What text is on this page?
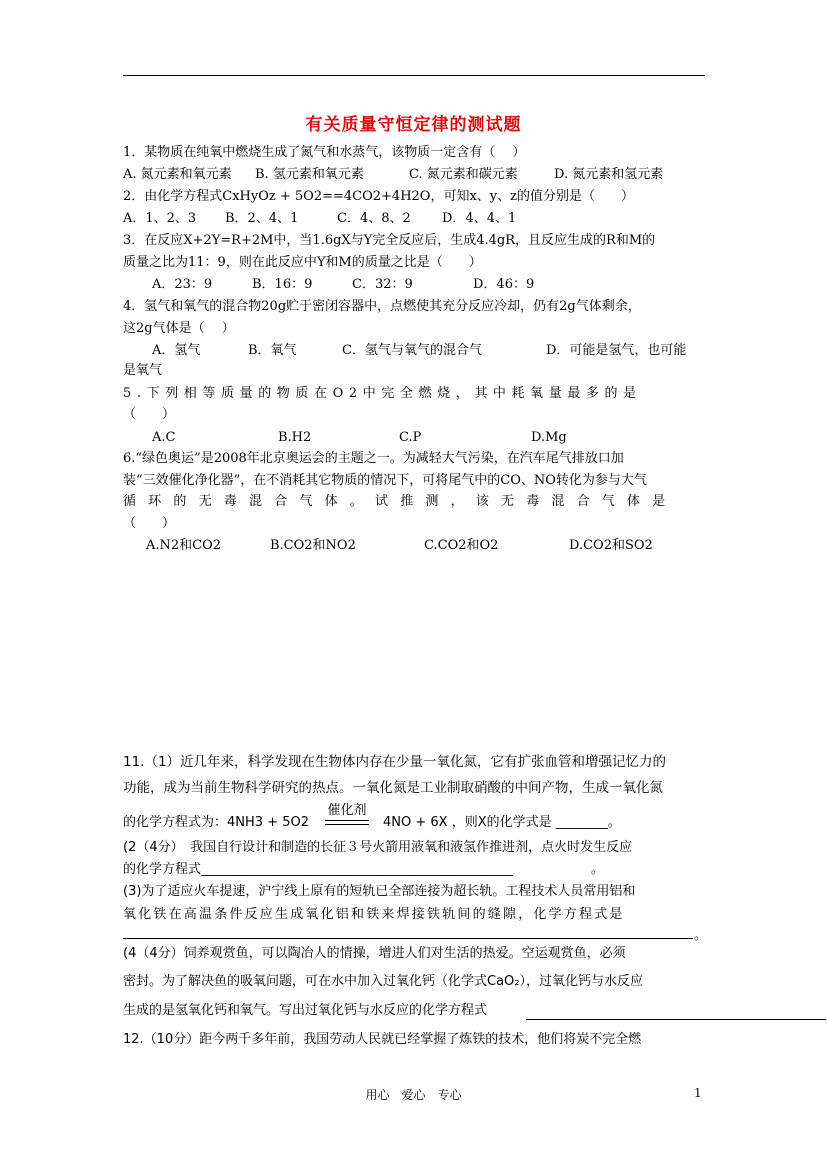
有关质量守恒定律的测试题
1．某物质在纯氧中燃烧生成了氮气和水蒸气，该物质一定含有（　 ）
A. 氮元素和氧元素 B. 氢元素和氧元素	C. 氮元素和碳元素	D. 氮元素和氢元素
2．由化学方程式CxHyOz + 5O2==4CO2+4H2O，可知x、y、z的值分别是（　　）
A．1、2、3 B．2、4、1	C．4、8、2 D．4、4、1
3．在反应X+2Y=R+2M中，当1.6gX与Y完全反应后，生成4.4gR，且反应生成的R和M的
质量之比为11：9，则在此反应中Y和M的质量之比是（　　）
A．23：9	B．16：9	C．32：9	D．46：9
4．氢气和氧气的混合物20g贮于密闭容器中，点燃使其充分反应冷却，仍有2g气体剩余，
这2g气体是（　 ）
A．氢气	B．氧气	C．氢气与氧气的混合气	D．可能是氢气，也可能
是氧气
5.下列相等质量的物质在O2中完全燃烧，其中耗氧量最多的是
（　　）
A.C	B.H2	C.P	D.Mg
6.“绿色奥运”是2008年北京奥运会的主题之一。为减轻大气污染，在汽车尾气排放口加
装“三效催化净化器”，在不消耗其它物质的情况下，可将尾气中的CO、NO转化为参与大气
循环的无毒混合气体。试推测，该无毒混合气体是
（　　）
A.N2和CO2	B.CO2和NO2	C.CO2和O2	D.CO2和SO2
11.（1）近几年来，科学发现在生物体内存在少量一氧化氮，它有扩张血管和增强记忆力的
功能，成为当前生物科学研究的热点。一氧化氮是工业制取硝酸的中间产物，生成一氧化氮
的化学方程式为：4NH3 + 5O2
催化剂
4NO + 6X ，则X的化学式是 ________。
(2（4分）　我国自行设计和制造的长征３号火箭用液氧和液氢作推进剂，点火时发生反应
的化学方程式________________________________________________　　　　　　。
(3)为了适应火车提速，沪宁线上原有的短轨已全部连接为超长轨。工程技术人员常用铝和
氧化铁在高温条件反应生成氧化铝和铁来焊接铁轨间的缝隙，化学方程式是
。
(4（4分）饲养观赏鱼，可以陶冶人的情操，增进人们对生活的热爱。空运观赏鱼，必须
密封。为了解决鱼的吸氧问题，可在水中加入过氧化钙（化学式CaO₂），过氧化钙与水反应
生成的是氢氧化钙和氧气。写出过氧化钙与水反应的化学方程式
12.（10分）距今两千多年前，我国劳动人民就已经掌握了炼铁的技术，他们将炭不完全燃
用心　爱心　专心	1
